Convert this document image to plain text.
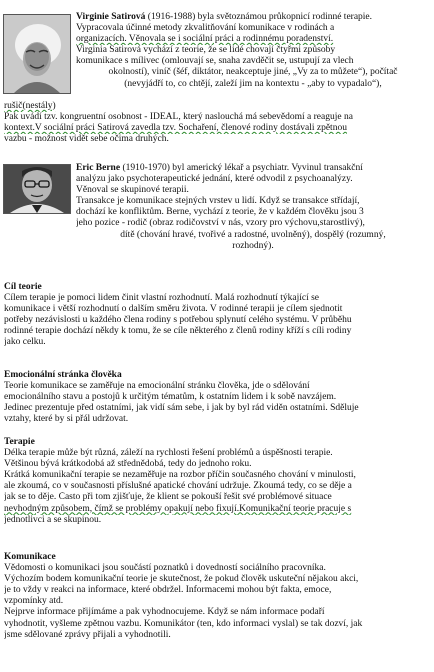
Virginie Satirová (1916-1988) byla světoznámou průkopnicí rodinné terapie.
Vypracovala účinné metody zkvalitňování komunikace v rodinách a
organizacích. Věnovala se i sociální práci a rodinnému poradenství.
Virginia Satirová vychází z teorie, že se lidé chovají čtyřmi způsoby
komunikace s mílivec (omlouvají se, snaha zavděčit se, ustupují za vlech
okolností), viníč (šéf, diktátor, neakceptuje jiné, „Vy za to můžete“), počítač
(nevyjádří to, co chtějí, zaleží jim na kontextu - „aby to vypadalo“),
rušič(nestály)
Pak uvádí tzv. kongruentní osobnost - IDEAL, který naslouchá má sebevědomí a reaguje na
kontext.V sociální práci Satirová zavedla tzv. Sochaření, členové rodiny dostávali zpětnou
vazbu - možnost vidět sebe očima druhých.
Eric Berne (1910-1970) byl americký lékař a psychiatr. Vyvinul transakční
analýzu jako psychoterapeutické jednání, které odvodil z psychoanalýzy.
Věnoval se skupinové terapii.
Transakce je komunikace stejných vrstev u lidí. Když se transakce střídají,
dochází ke konfliktům. Berne, vychází z teorie, že v každém člověku jsou 3
jeho pozice - rodič (obraz rodičovství v nás, vzory pro výchovu,starostlivý),
dítě (chování hravé, tvořivé a radostné, uvolněný), dospělý (rozumný,
rozhodný).
Cíl teorie
Cílem terapie je pomoci lidem činit vlastní rozhodnutí. Malá rozhodnutí týkající se
komunikace i větší rozhodnutí o dalším směru života. V rodinné terapii je cílem sjednotit
potřeby nezávislosti u každého člena rodiny s potřebou splynutí celého systému. V průběhu
rodinné terapie dochází někdy k tomu, že se cíle některého z členů rodiny kříží s cíli rodiny
jako celku.
Emocionální stránka člověka
Teorie komunikace se zaměřuje na emocionální stránku člověka, jde o sdělování
emocionálního stavu a postojů k určitým tématům, k ostatním lidem i k sobě navzájem.
Jedinec prezentuje před ostatními, jak vidí sám sebe, i jak by byl rád viděn ostatními. Sděluje
vztahy, které by si přál udržovat.
Terapie
Délka terapie může být různá, záleží na rychlosti řešení problémů a úspěšnosti terapie.
Většinou bývá krátkodobá až střednědobá, tedy do jednoho roku.
Krátká komunikační terapie se nezaměřuje na rozbor příčin současného chování v minulosti,
ale zkoumá, co v současnosti příslušné apatické chování udržuje. Zkoumá tedy, co se děje a
jak se to děje. Často při tom zjišťuje, že klient se pokouší řešit své problémové situace
nevhodným způsobem, čímž se problémy opakují nebo fixují.Komunikační teorie pracuje s
jednotlivci a se skupinou.
Komunikace
Vědomosti o komunikaci jsou součástí poznatků i dovedností sociálního pracovníka.
Výchozím bodem komunikační teorie je skutečnost, že pokud člověk uskuteční nějakou akci,
je to vždy v reakci na informace, které obdržel. Informacemi mohou být fakta, emoce,
vzpomínky atd.
Nejprve informace přijímáme a pak vyhodnocujeme. Když se nám informace podaří
vyhodnotit, vyšleme zpětnou vazbu. Komunikátor (ten, kdo informaci vyslal) se tak dozví, jak
jsme sdělované zprávy přijali a vyhodnotili.
